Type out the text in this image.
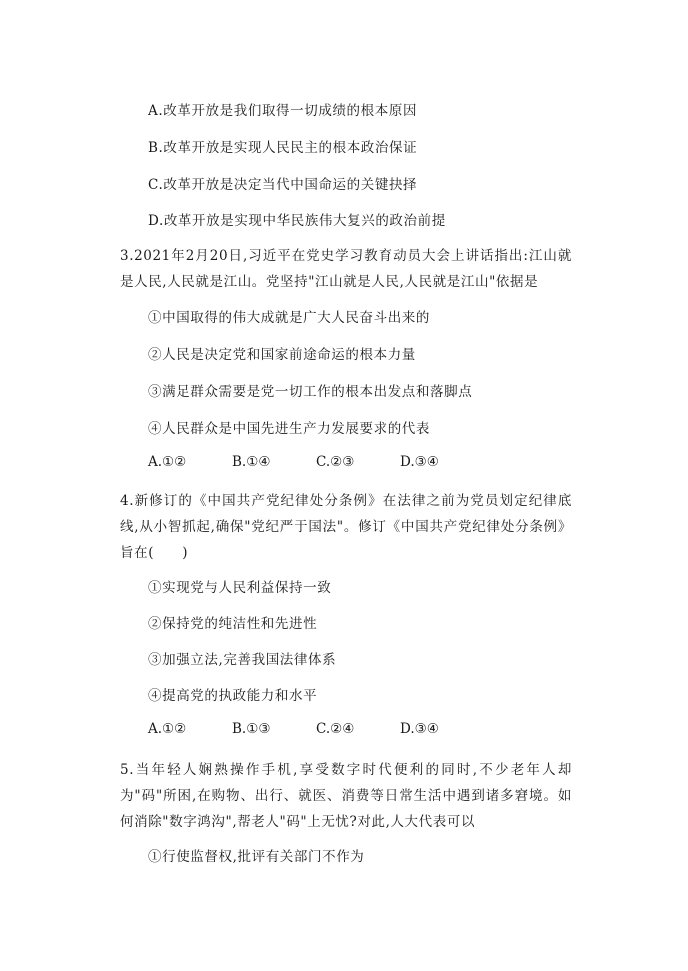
A.改革开放是我们取得一切成绩的根本原因
B.改革开放是实现人民民主的根本政治保证
C.改革开放是决定当代中国命运的关键抉择
D.改革开放是实现中华民族伟大复兴的政治前提
3.2021年2月20日,习近平在党史学习教育动员大会上讲话指出:江山就是人民,人民就是江山。党坚持"江山就是人民,人民就是江山"依据是
①中国取得的伟大成就是广大人民奋斗出来的
②人民是决定党和国家前途命运的根本力量
③满足群众需要是党一切工作的根本出发点和落脚点
④人民群众是中国先进生产力发展要求的代表
A.①②	B.①④	C.②③	D.③④
4.新修订的《中国共产党纪律处分条例》在法律之前为党员划定纪律底线,从小智抓起,确保"党纪严于国法"。修订《中国共产党纪律处分条例》旨在(　　)
①实现党与人民利益保持一致
②保持党的纯洁性和先进性
③加强立法,完善我国法律体系
④提高党的执政能力和水平
A.①②	B.①③	C.②④	D.③④
5.当年轻人娴熟操作手机,享受数字时代便利的同时,不少老年人却为"码"所困,在购物、出行、就医、消费等日常生活中遇到诸多窘境。如何消除"数字鸿沟",帮老人"码"上无忧?对此,人大代表可以
①行使监督权,批评有关部门不作为
